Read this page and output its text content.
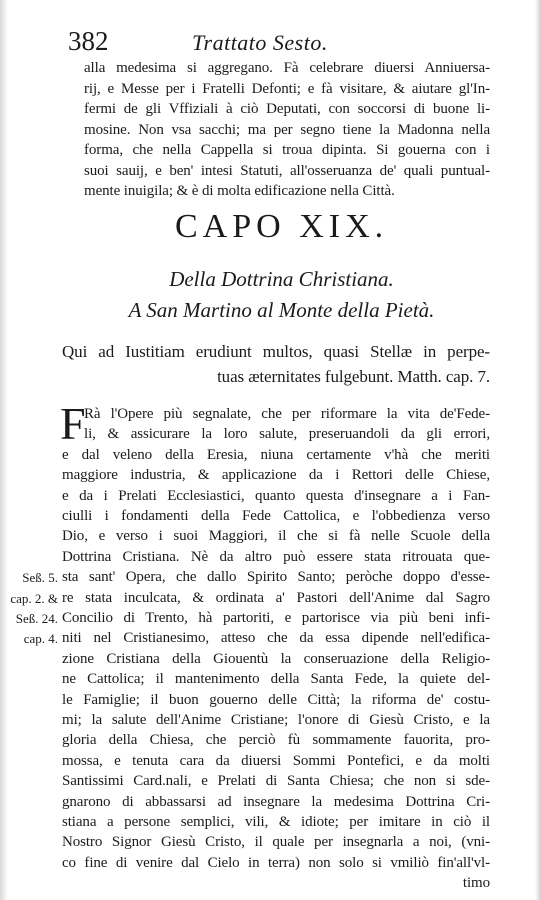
382	Trattato Sesto.
alla medesima si aggregano. Fà celebrare diuersi Anniuersa-
rij, e Messe per i Fratelli Defonti; e fà visitare, & aiutare gl'In-
fermi de gli Vffiziali à ciò Deputati, con soccorsi di buone li-
mosine. Non vsa sacchi; ma per segno tiene la Madonna nella
forma, che nella Cappella si troua dipinta. Si gouerna con i
suoi sauij, e ben' intesi Statuti, all'osseruanza de' quali puntual-
mente inuigila; & è di molta edificazione nella Città.
CAPO XIX.
Della Dottrina Christiana.
A San Martino al Monte della Pietà.
Qui ad Iustitiam erudiunt multos, quasi Stellæ in perpe-
tuas æternitates fulgebunt. Matth. cap. 7.
F
Rà l'Opere più segnalate, che per riformare la vita de'Fede-
li, & assicurare la loro salute, preseruandoli da gli errori,
e dal veleno della Eresia, niuna certamente v'hà che meriti
maggiore industria, & applicazione da i Rettori delle Chiese,
e da i Prelati Ecclesiastici, quanto questa d'insegnare a i Fan-
ciulli i fondamenti della Fede Cattolica, e l'obbedienza verso
Dio, e verso i suoi Maggiori, il che si fà nelle Scuole della
Dottrina Cristiana. Nè da altro può essere stata ritrouata que-
sta sant' Opera, che dallo Spirito Santo; peròche doppo d'esse-
re stata inculcata, & ordinata a' Pastori dell'Anime dal Sagro
Concilio di Trento, hà partoriti, e partorisce via più beni infi-
niti nel Cristianesimo, atteso che da essa dipende nell'edifica-
zione Cristiana della Giouentù la conseruazione della Religio-
ne Cattolica; il mantenimento della Santa Fede, la quiete del-
le Famiglie; il buon gouerno delle Città; la riforma de' costu-
mi; la salute dell'Anime Cristiane; l'onore di Giesù Cristo, e la
gloria della Chiesa, che perciò fù sommamente fauorita, pro-
mossa, e tenuta cara da diuersi Sommi Pontefici, e da molti
Santissimi Card.nali, e Prelati di Santa Chiesa; che non si sde-
gnarono di abbassarsi ad insegnare la medesima Dottrina Cri-
stiana a persone semplici, vili, & idiote; per imitare in ciò il
Nostro Signor Giesù Cristo, il quale per insegnarla a noi, (vni-
co fine di venire dal Cielo in terra) non solo si vmiliò fin'all'vl-
timo
Seß. 5.
cap. 2. &
Seß. 24.
cap. 4.
